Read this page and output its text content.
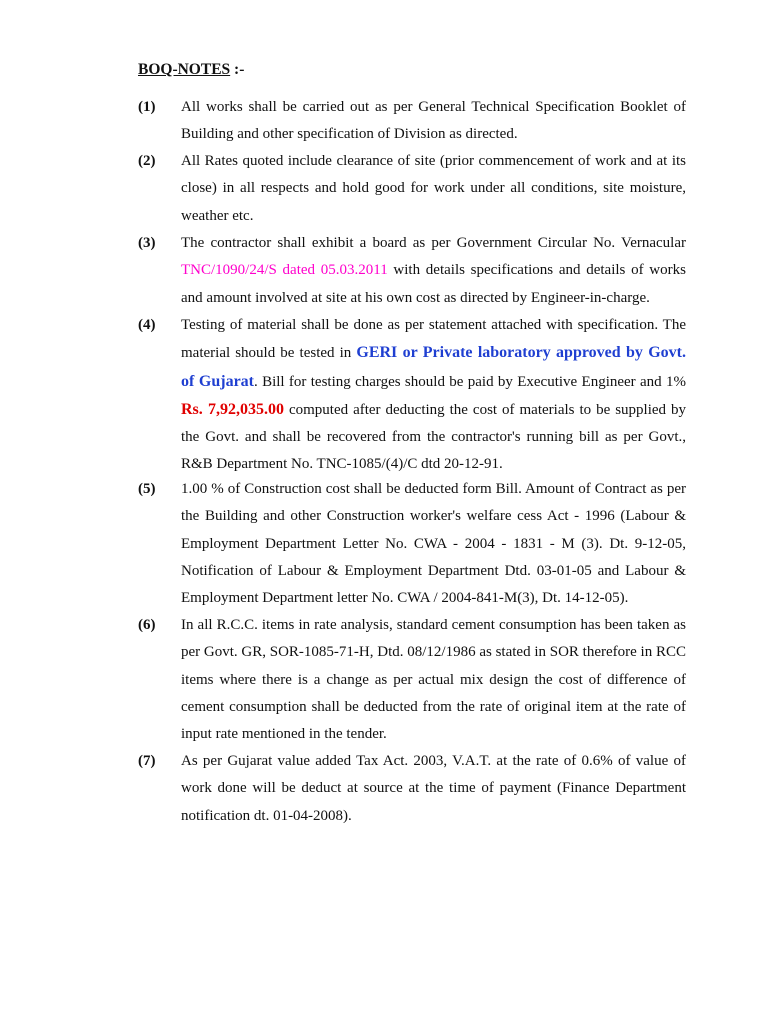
BOQ-NOTES :-
(1) All works shall be carried out as per General Technical Specification Booklet of Building and other specification of Division as directed.
(2) All Rates quoted include clearance of site (prior commencement of work and at its close) in all respects and hold good for work under all conditions, site moisture, weather etc.
(3) The contractor shall exhibit a board as per Government Circular No. Vernacular TNC/1090/24/S dated 05.03.2011 with details specifications and details of works and amount involved at site at his own cost as directed by Engineer-in-charge.
(4) Testing of material shall be done as per statement attached with specification. The material should be tested in GERI or Private laboratory approved by Govt. of Gujarat. Bill for testing charges should be paid by Executive Engineer and 1% Rs. 7,92,035.00 computed after deducting the cost of materials to be supplied by the Govt. and shall be recovered from the contractor's running bill as per Govt., R&B Department No. TNC-1085/(4)/C dtd 20-12-91.
(5) 1.00 % of Construction cost shall be deducted form Bill. Amount of Contract as per the Building and other Construction worker's welfare cess Act - 1996 (Labour & Employment Department Letter No. CWA - 2004 - 1831 - M (3). Dt. 9-12-05, Notification of Labour & Employment Department Dtd. 03-01-05 and Labour & Employment Department letter No. CWA / 2004-841-M(3), Dt. 14-12-05).
(6) In all R.C.C. items in rate analysis, standard cement consumption has been taken as per Govt. GR, SOR-1085-71-H, Dtd. 08/12/1986 as stated in SOR therefore in RCC items where there is a change as per actual mix design the cost of difference of cement consumption shall be deducted from the rate of original item at the rate of input rate mentioned in the tender.
(7) As per Gujarat value added Tax Act. 2003, V.A.T. at the rate of 0.6% of value of work done will be deduct at source at the time of payment (Finance Department notification dt. 01-04-2008).
